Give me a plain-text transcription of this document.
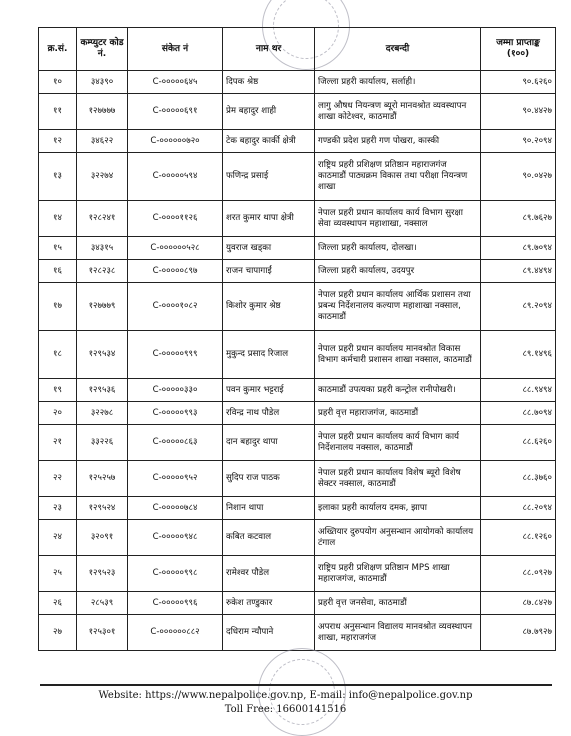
क्र.सं.	कम्प्युटर कोड नं.	संकेत नं	नाम थर	दरबन्दी	जम्मा प्राप्ताङ्क (१००)
१०	३४३९०	C-०००००६४५	दिपक श्रेष्ठ	जिल्ला प्रहरी कार्यालय, सर्लाही।	९०.६२६०
११	१२७७७७	C-०००००६९१	प्रेम बहादुर शाही	लागु औषध नियन्त्रण ब्यूरो मानवश्रोत व्यवस्थापन शाखा कोटेश्वर, काठमाडौं	९०.४४२७
१२	३४६२२	C-००००००७२०	टेक बहादुर कार्की क्षेत्री	गण्डकी प्रदेश प्रहरी गण पोखरा, कास्की	९०.२०९४
१३	३२२७४	C-०००००५९४	फणिन्द्र प्रसाई	राष्ट्रिय प्रहरी प्रशिक्षण प्रतिष्ठान महाराजगंज काठमाडौं पाठ्यक्रम विकास तथा परीक्षा नियन्त्रण शाखा	९०.०४२७
१४	१२८२४१	C-००००११२६	शरत कुमार थापा क्षेत्री	नेपाल प्रहरी प्रधान कार्यालय कार्य विभाग सुरक्षा सेवा व्यवस्थापन महाशाखा, नक्साल	८९.७६२७
१५	३४३१५	C-००००००५२८	युवराज खड्का	जिल्ला प्रहरी कार्यालय, दोलखा।	८९.७०९४
१६	१२८२३८	C-०००००८९७	राजन चापागाईं	जिल्ला प्रहरी कार्यालय, उदयपुर	८९.४४९४
१७	१२७७७९	C-००००१०८२	किशोर कुमार श्रेष्ठ	नेपाल प्रहरी प्रधान कार्यालय आर्थिक प्रशासन तथा प्रबन्ध निर्देशनालय कल्याण महाशाखा नक्साल, काठमाडौं	८९.२०९४
१८	१२९५३४	C-०००००९९९	मुकुन्द प्रसाद रिजाल	नेपाल प्रहरी प्रधान कार्यालय मानवश्रोत विकास विभाग कर्मचारी प्रशासन शाखा नक्साल, काठमाडौं	८९.१४९६
१९	१२९५३६	C-०००००३३०	पवन कुमार भट्टराई	काठमाडौं उपत्यका प्रहरी कन्ट्रोल रानीपोखरी।	८८.९४९४
२०	३२२७८	C-०००००९९३	रविन्द्र नाथ पौडेल	प्रहरी वृत्त महाराजगंज, काठमाडौं	८८.७०९४
२१	३३२२६	C-०००००८६३	दान बहादुर थापा	नेपाल प्रहरी प्रधान कार्यालय कार्य विभाग कार्य निर्देशनालय नक्साल, काठमाडौं	८८.६२६०
२२	१२५२५७	C-०००००९५२	सुदिप राज पाठक	नेपाल प्रहरी प्रधान कार्यालय विशेष ब्यूरो विशेष सेक्टर नक्साल, काठमाडौं	८८.३७६०
२३	१२९५२४	C-०००००७८४	निशान थापा	इलाका प्रहरी कार्यालय दमक, झापा	८८.२०९४
२४	३२०९१	C-०००००९४८	कबित कटवाल	अख्तियार दुरुपयोग अनुसन्धान आयोगको कार्यालय टंगाल	८८.१२६०
२५	१२९५२३	C-०००००९९८	रामेश्वर पौडेल	राष्ट्रिय प्रहरी प्रशिक्षण प्रतिष्ठान MPS शाखा महाराजगंज, काठमाडौं	८८.०९२७
२६	२८५३९	C-०००००९९६	रुकेश तण्डुकार	प्रहरी वृत्त जनसेवा, काठमाडौं	८७.८४२७
२७	१२५३०१	C-००००००८८२	दधिराम न्यौपाने	अपराध अनुसन्धान विद्यालय मानवश्रोत व्यवस्थापन शाखा, महाराजगंज	८७.७९२७
Website: https://www.nepalpolice.gov.np, E-mail: info@nepalpolice.gov.np
Toll Free: 16600141516
